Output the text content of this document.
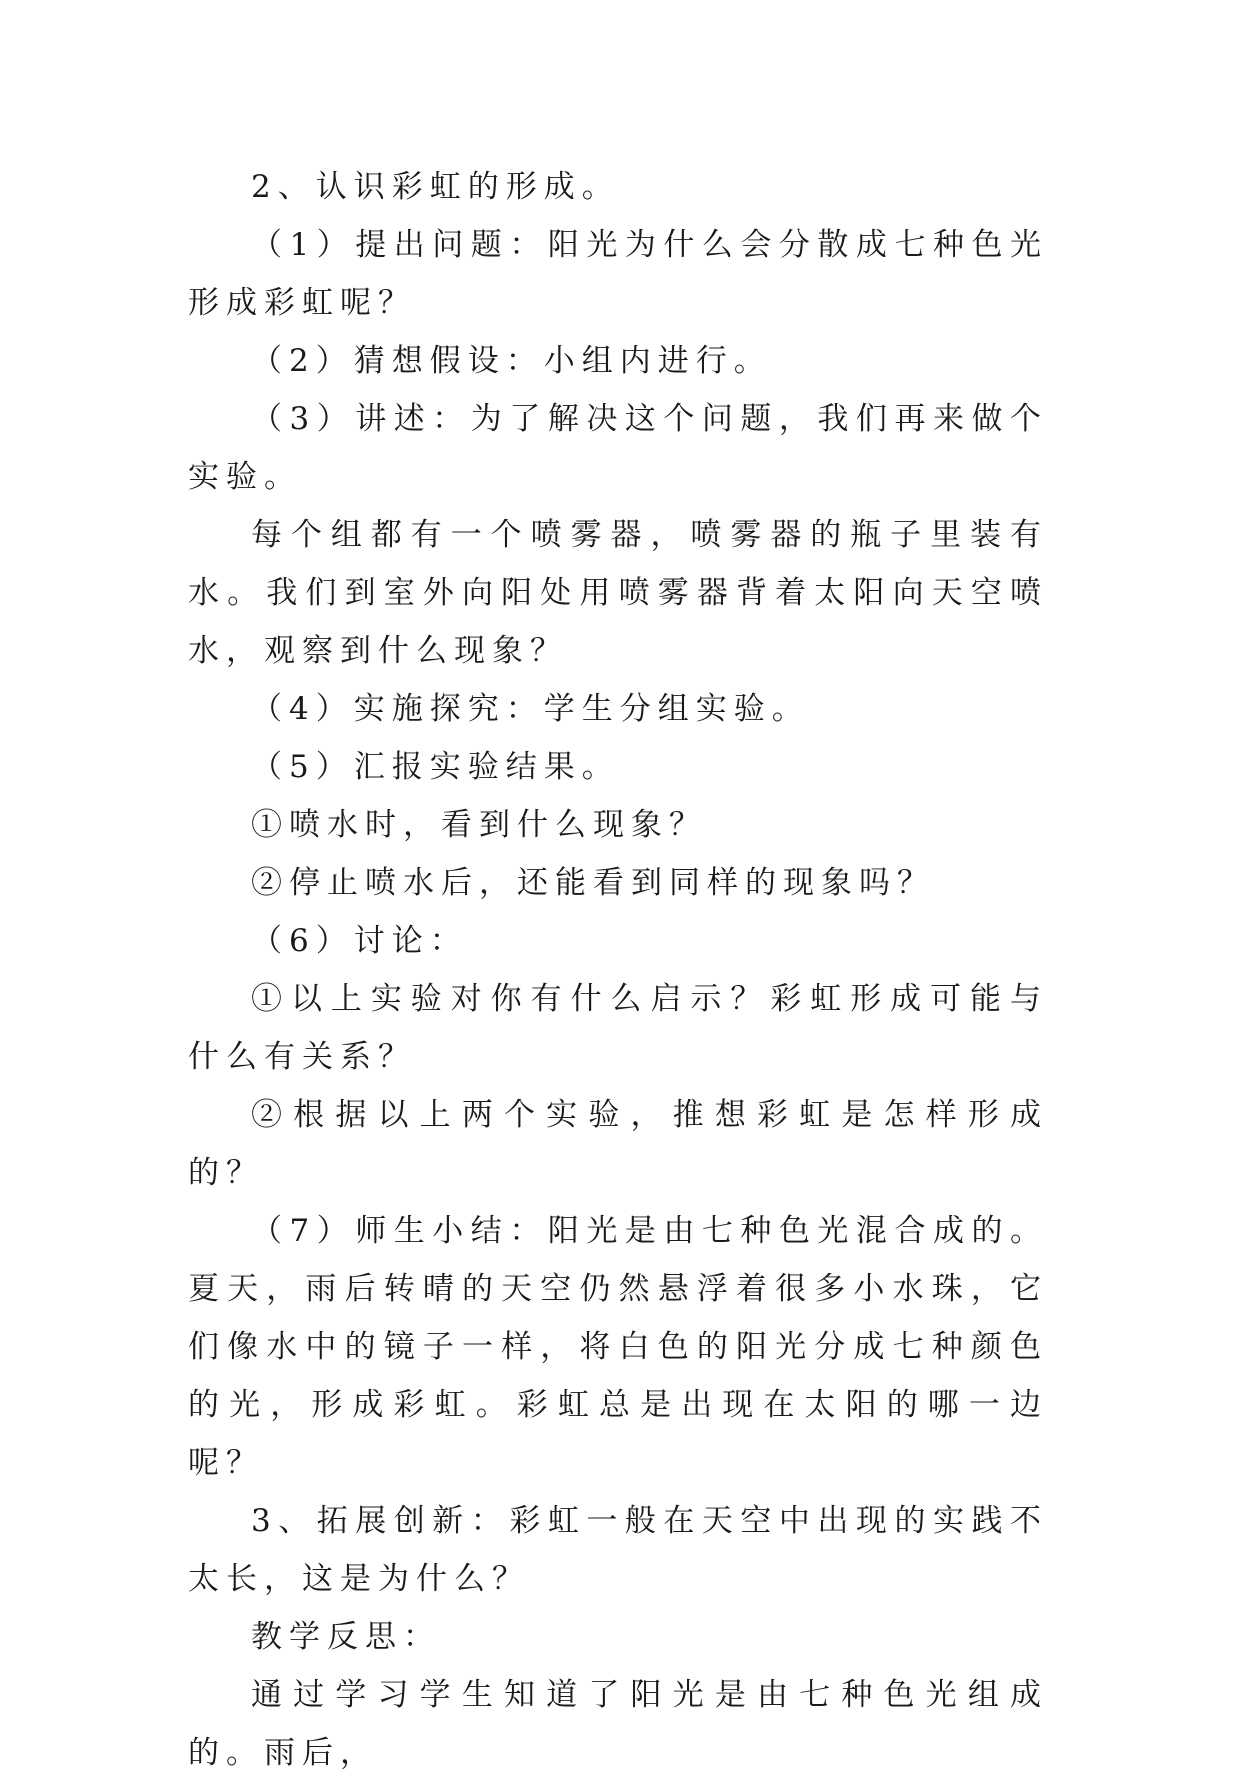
2、认识彩虹的形成。

（1）提出问题：阳光为什么会分散成七种色光形成彩虹呢？

（2）猜想假设：小组内进行。

（3）讲述：为了解决这个问题，我们再来做个实验。

每个组都有一个喷雾器，喷雾器的瓶子里装有水。我们到室外向阳处用喷雾器背着太阳向天空喷水，观察到什么现象？

（4）实施探究：学生分组实验。

（5）汇报实验结果。

①喷水时，看到什么现象？

②停止喷水后，还能看到同样的现象吗？

（6）讨论：

①以上实验对你有什么启示？彩虹形成可能与什么有关系？

②根据以上两个实验，推想彩虹是怎样形成的？

（7）师生小结：阳光是由七种色光混合成的。夏天，雨后转晴的天空仍然悬浮着很多小水珠，它们像水中的镜子一样，将白色的阳光分成七种颜色的光，形成彩虹。彩虹总是出现在太阳的哪一边呢？

3、拓展创新：彩虹一般在天空中出现的实践不太长，这是为什么？

教学反思：

通过学习学生知道了阳光是由七种色光组成的。雨后，
